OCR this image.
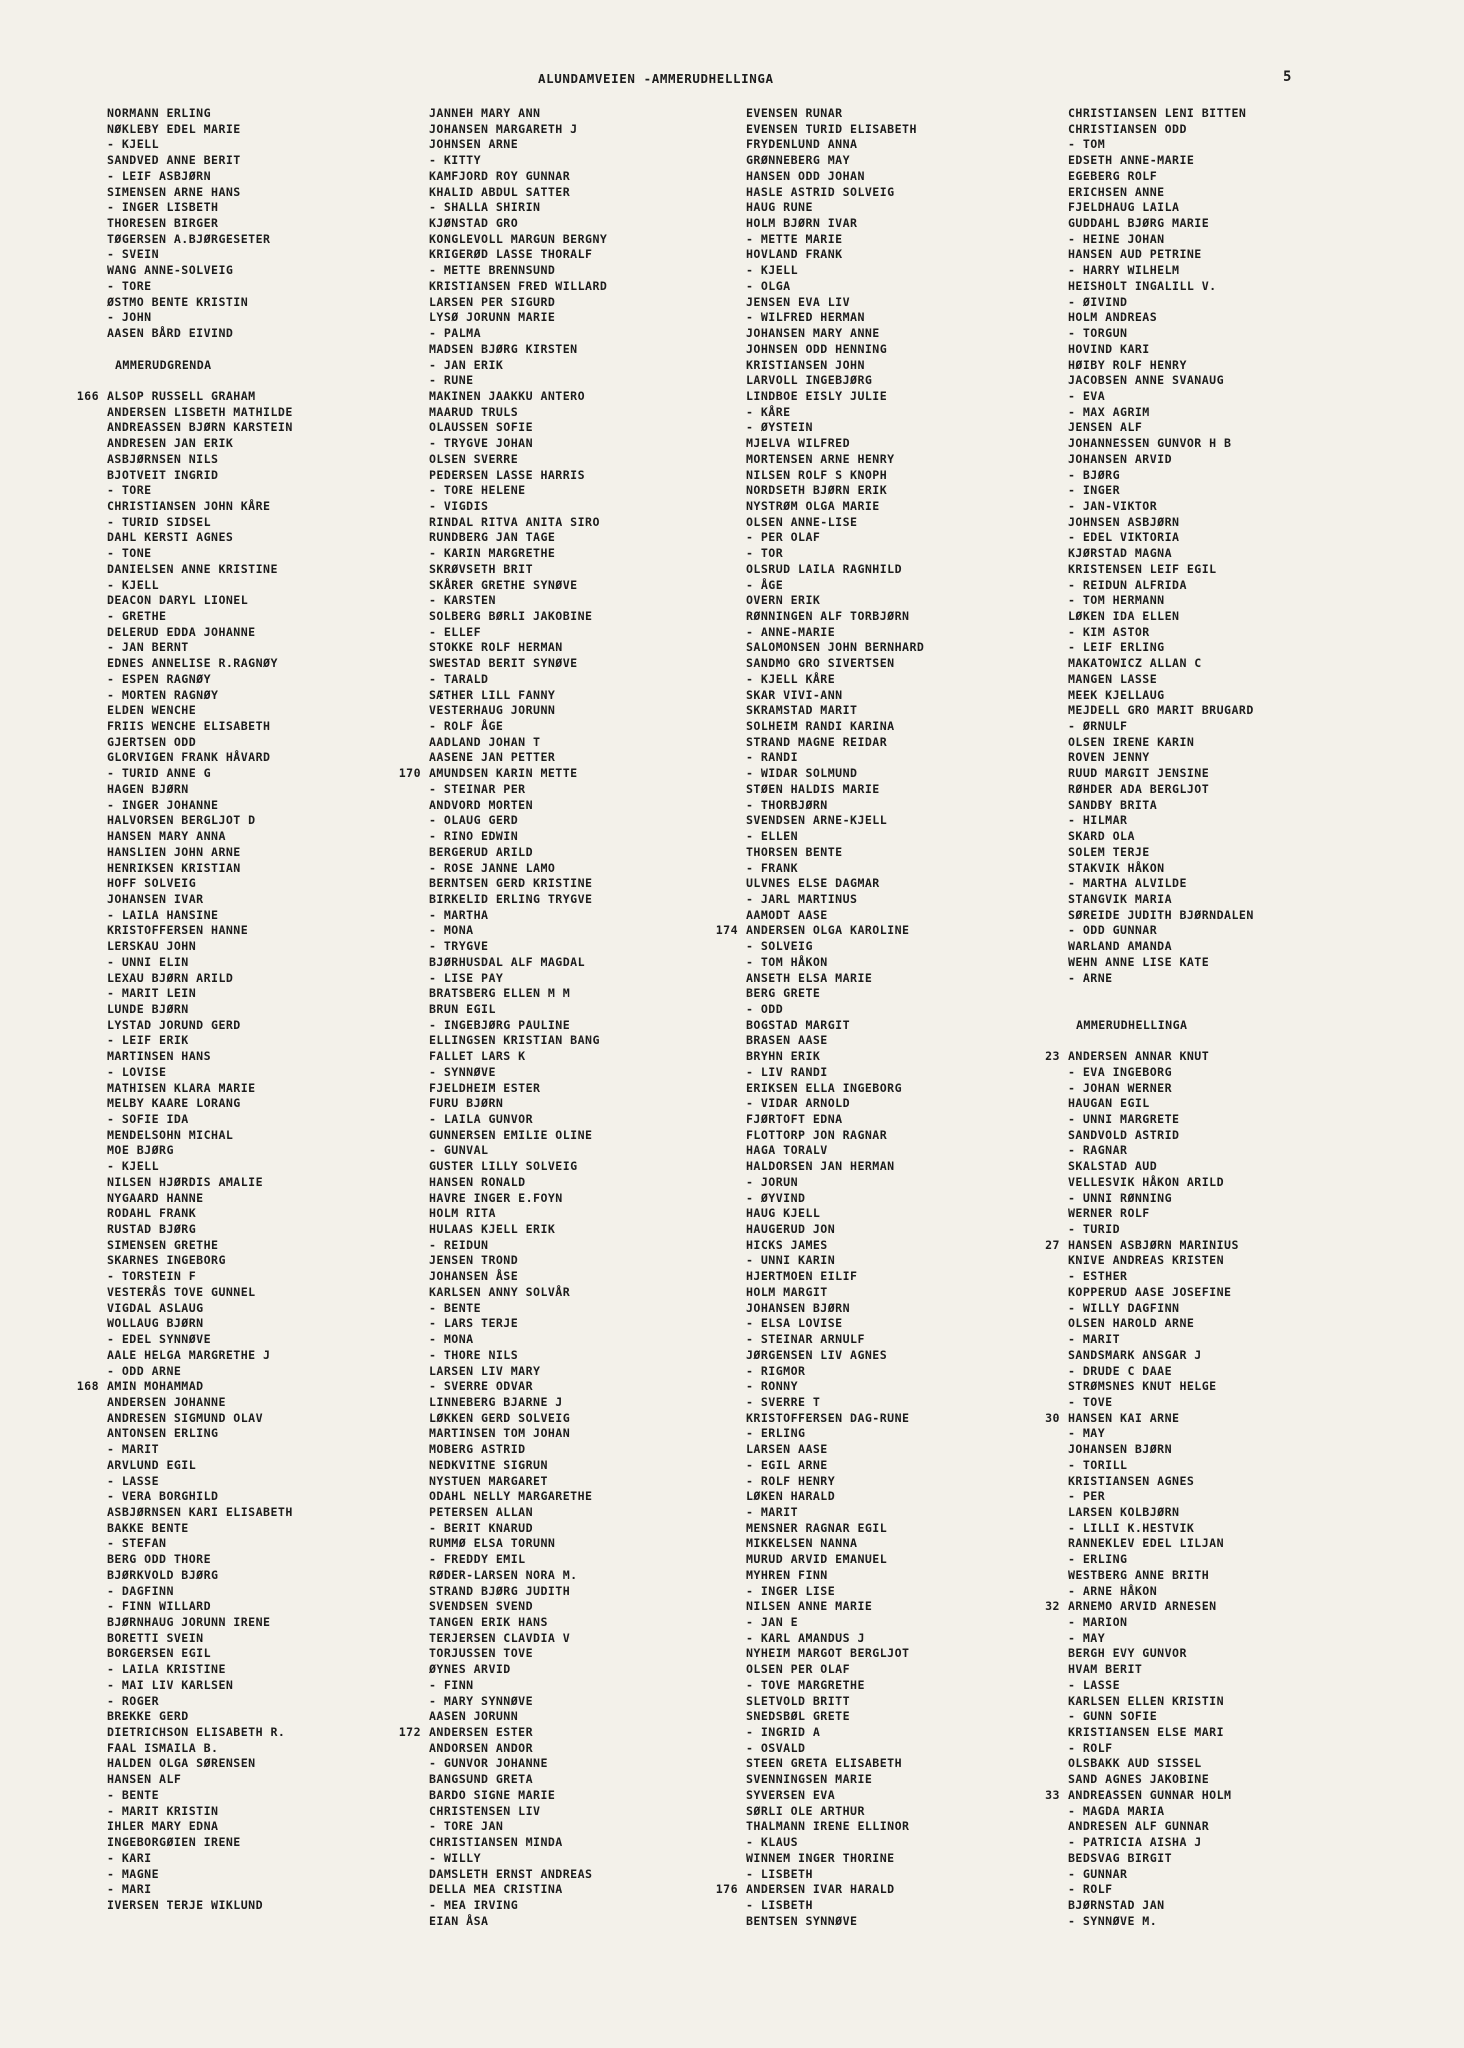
ALUNDAMVEIEN -AMMERUDHELLINGA	5
NORMANN ERLING
NØKLEBY EDEL MARIE
- KJELL
SANDVED ANNE BERIT
- LEIF ASBJØRN
SIMENSEN ARNE HANS
- INGER LISBETH
THORESEN BIRGER
TØGERSEN A.BJØRGESETER
- SVEIN
WANG ANNE-SOLVEIG
- TORE
ØSTMO BENTE KRISTIN
- JOHN
AASEN BÅRD EIVIND
AMMERUDGRENDA
166 ALSOP RUSSELL GRAHAM
ANDERSEN LISBETH MATHILDE
ANDREASSEN BJØRN KARSTEIN
ANDRESEN JAN ERIK
ASBJØRNSEN NILS
BJOTVEIT INGRID
- TORE
CHRISTIANSEN JOHN KÅRE
- TURID SIDSEL
DAHL KERSTI AGNES
- TONE
DANIELSEN ANNE KRISTINE
- KJELL
DEACON DARYL LIONEL
- GRETHE
DELERUD EDDA JOHANNE
- JAN BERNT
EDNES ANNELISE R.RAGNØY
- ESPEN RAGNØY
- MORTEN RAGNØY
ELDEN WENCHE
FRIIS WENCHE ELISABETH
GJERTSEN ODD
GLORVIGEN FRANK HÅVARD
- TURID ANNE G
HAGEN BJØRN
- INGER JOHANNE
HALVORSEN BERGLJOT D
HANSEN MARY ANNA
HANSLIEN JOHN ARNE
HENRIKSEN KRISTIAN
HOFF SOLVEIG
JOHANSEN IVAR
- LAILA HANSINE
KRISTOFFERSEN HANNE
LERSKAU JOHN
- UNNI ELIN
LEXAU BJØRN ARILD
- MARIT LEIN
LUNDE BJØRN
LYSTAD JORUND GERD
- LEIF ERIK
MARTINSEN HANS
- LOVISE
MATHISEN KLARA MARIE
MELBY KAARE LORANG
- SOFIE IDA
MENDELSOHN MICHAL
MOE BJØRG
- KJELL
NILSEN HJØRDIS AMALIE
NYGAARD HANNE
RODAHL FRANK
RUSTAD BJØRG
SIMENSEN GRETHE
SKARNES INGEBORG
- TORSTEIN F
VESTERÅS TOVE GUNNEL
VIGDAL ASLAUG
WOLLAUG BJØRN
- EDEL SYNNØVE
AALE HELGA MARGRETHE J
- ODD ARNE
168 AMIN MOHAMMAD
ANDERSEN JOHANNE
ANDRESEN SIGMUND OLAV
ANTONSEN ERLING
- MARIT
ARVLUND EGIL
- LASSE
- VERA BORGHILD
ASBJØRNSEN KARI ELISABETH
BAKKE BENTE
- STEFAN
BERG ODD THORE
BJØRKVOLD BJØRG
- DAGFINN
- FINN WILLARD
BJØRNHAUG JORUNN IRENE
BORETTI SVEIN
BORGERSEN EGIL
- LAILA KRISTINE
- MAI LIV KARLSEN
- ROGER
BREKKE GERD
DIETRICHSON ELISABETH R.
FAAL ISMAILA B.
HALDEN OLGA SØRENSEN
HANSEN ALF
- BENTE
- MARIT KRISTIN
IHLER MARY EDNA
INGEBORGØIEN IRENE
- KARI
- MAGNE
- MARI
IVERSEN TERJE WIKLUND
JANNEH MARY ANN
JOHANSEN MARGARETH J
JOHNSEN ARNE
- KITTY
KAMFJORD ROY GUNNAR
KHALID ABDUL SATTER
- SHALLA SHIRIN
KJØNSTAD GRO
KONGLEVOLL MARGUN BERGNY
KRIGERØD LASSE THORALF
- METTE BRENNSUND
KRISTIANSEN FRED WILLARD
LARSEN PER SIGURD
LYSØ JORUNN MARIE
- PALMA
MADSEN BJØRG KIRSTEN
- JAN ERIK
- RUNE
MAKINEN JAAKKU ANTERO
MAARUD TRULS
OLAUSSEN SOFIE
- TRYGVE JOHAN
OLSEN SVERRE
PEDERSEN LASSE HARRIS
- TORE HELENE
- VIGDIS
RINDAL RITVA ANITA SIRO
RUNDBERG JAN TAGE
- KARIN MARGRETHE
SKRØVSETH BRIT
SKÅRER GRETHE SYNØVE
- KARSTEN
SOLBERG BØRLI JAKOBINE
- ELLEF
STOKKE ROLF HERMAN
SWESTAD BERIT SYNØVE
- TARALD
SÆTHER LILL FANNY
VESTERHAUG JORUNN
- ROLF ÅGE
AADLAND JOHAN T
AASENE JAN PETTER
170 AMUNDSEN KARIN METTE
- STEINAR PER
ANDVORD MORTEN
- OLAUG GERD
- RINO EDWIN
BERGERUD ARILD
- ROSE JANNE LAMO
BERNTSEN GERD KRISTINE
BIRKELID ERLING TRYGVE
- MARTHA
- MONA
- TRYGVE
BJØRHUSDAL ALF MAGDAL
- LISE PAY
BRATSBERG ELLEN M M
BRUN EGIL
- INGEBJØRG PAULINE
ELLINGSEN KRISTIAN BANG
FALLET LARS K
- SYNNØVE
FJELDHEIM ESTER
FURU BJØRN
- LAILA GUNVOR
GUNNERSEN EMILIE OLINE
- GUNVAL
GUSTER LILLY SOLVEIG
HANSEN RONALD
HAVRE INGER E.FOYN
HOLM RITA
HULAAS KJELL ERIK
- REIDUN
JENSEN TROND
JOHANSEN ÅSE
KARLSEN ANNY SOLVÅR
- BENTE
- LARS TERJE
- MONA
- THORE NILS
LARSEN LIV MARY
- SVERRE ODVAR
LINNEBERG BJARNE J
LØKKEN GERD SOLVEIG
MARTINSEN TOM JOHAN
MOBERG ASTRID
NEDKVITNE SIGRUN
NYSTUEN MARGARET
ODAHL NELLY MARGARETHE
PETERSEN ALLAN
- BERIT KNARUD
RUMMØ ELSA TORUNN
- FREDDY EMIL
RØDER-LARSEN NORA M.
STRAND BJØRG JUDITH
SVENDSEN SVEND
TANGEN ERIK HANS
TERJERSEN CLAVDIA V
TORJUSSEN TOVE
ØYNES ARVID
- FINN
- MARY SYNNØVE
AASEN JORUNN
172 ANDERSEN ESTER
ANDORSEN ANDOR
- GUNVOR JOHANNE
BANGSUND GRETA
BARDO SIGNE MARIE
CHRISTENSEN LIV
- TORE JAN
CHRISTIANSEN MINDA
- WILLY
DAMSLETH ERNST ANDREAS
DELLA MEA CRISTINA
- MEA IRVING
EIAN ÅSA
EVENSEN RUNAR
EVENSEN TURID ELISABETH
FRYDENLUND ANNA
GRØNNEBERG MAY
HANSEN ODD JOHAN
HASLE ASTRID SOLVEIG
HAUG RUNE
HOLM BJØRN IVAR
- METTE MARIE
HOVLAND FRANK
- KJELL
- OLGA
JENSEN EVA LIV
- WILFRED HERMAN
JOHANSEN MARY ANNE
JOHNSEN ODD HENNING
KRISTIANSEN JOHN
LARVOLL INGEBJØRG
LINDBOE EISLY JULIE
- KÅRE
- ØYSTEIN
MJELVA WILFRED
MORTENSEN ARNE HENRY
NILSEN ROLF S KNOPH
NORDSETH BJØRN ERIK
NYSTRØM OLGA MARIE
OLSEN ANNE-LISE
- PER OLAF
- TOR
OLSRUD LAILA RAGNHILD
- ÅGE
OVERN ERIK
RØNNINGEN ALF TORBJØRN
- ANNE-MARIE
SALOMONSEN JOHN BERNHARD
SANDMO GRO SIVERTSEN
- KJELL KÅRE
SKAR VIVI-ANN
SKRAMSTAD MARIT
SOLHEIM RANDI KARINA
STRAND MAGNE REIDAR
- RANDI
- WIDAR SOLMUND
STØEN HALDIS MARIE
- THORBJØRN
SVENDSEN ARNE-KJELL
- ELLEN
THORSEN BENTE
- FRANK
ULVNES ELSE DAGMAR
- JARL MARTINUS
AAMODT AASE
174 ANDERSEN OLGA KAROLINE
- SOLVEIG
- TOM HÅKON
ANSETH ELSA MARIE
BERG GRETE
- ODD
BOGSTAD MARGIT
BRASEN AASE
BRYHN ERIK
- LIV RANDI
ERIKSEN ELLA INGEBORG
- VIDAR ARNOLD
FJØRTOFT EDNA
FLOTTORP JON RAGNAR
HAGA TORALV
HALDORSEN JAN HERMAN
- JORUN
- ØYVIND
HAUG KJELL
HAUGERUD JON
HICKS JAMES
- UNNI KARIN
HJERTMOEN EILIF
HOLM MARGIT
JOHANSEN BJØRN
- ELSA LOVISE
- STEINAR ARNULF
JØRGENSEN LIV AGNES
- RIGMOR
- RONNY
- SVERRE T
KRISTOFFERSEN DAG-RUNE
- ERLING
LARSEN AASE
- EGIL ARNE
- ROLF HENRY
LØKEN HARALD
- MARIT
MENSNER RAGNAR EGIL
MIKKELSEN NANNA
MURUD ARVID EMANUEL
MYHREN FINN
- INGER LISE
NILSEN ANNE MARIE
- JAN E
- KARL AMANDUS J
NYHEIM MARGOT BERGLJOT
OLSEN PER OLAF
- TOVE MARGRETHE
SLETVOLD BRITT
SNEDSBØL GRETE
- INGRID A
- OSVALD
STEEN GRETA ELISABETH
SVENNINGSEN MARIE
SYVERSEN EVA
SØRLI OLE ARTHUR
THALMANN IRENE ELLINOR
- KLAUS
WINNEM INGER THORINE
- LISBETH
176 ANDERSEN IVAR HARALD
- LISBETH
BENTSEN SYNNØVE
CHRISTIANSEN LENI BITTEN
CHRISTIANSEN ODD
- TOM
EDSETH ANNE-MARIE
EGEBERG ROLF
ERICHSEN ANNE
FJELDHAUG LAILA
GUDDAHL BJØRG MARIE
- HEINE JOHAN
HANSEN AUD PETRINE
- HARRY WILHELM
HEISHOLT INGALILL V.
- ØIVIND
HOLM ANDREAS
- TORGUN
HOVIND KARI
HØIBY ROLF HENRY
JACOBSEN ANNE SVANAUG
- EVA
- MAX AGRIM
JENSEN ALF
JOHANNESSEN GUNVOR H B
JOHANSEN ARVID
- BJØRG
- INGER
- JAN-VIKTOR
JOHNSEN ASBJØRN
- EDEL VIKTORIA
KJØRSTAD MAGNA
KRISTENSEN LEIF EGIL
- REIDUN ALFRIDA
- TOM HERMANN
LØKEN IDA ELLEN
- KIM ASTOR
- LEIF ERLING
MAKATOWICZ ALLAN C
MANGEN LASSE
MEEK KJELLAUG
MEJDELL GRO MARIT BRUGARD
- ØRNULF
OLSEN IRENE KARIN
ROVEN JENNY
RUUD MARGIT JENSINE
RØHDER ADA BERGLJOT
SANDBY BRITA
- HILMAR
SKARD OLA
SOLEM TERJE
STAKVIK HÅKON
- MARTHA ALVILDE
STANGVIK MARIA
SØREIDE JUDITH BJØRNDALEN
- ODD GUNNAR
WARLAND AMANDA
WEHN ANNE LISE KATE
- ARNE
AMMERUDHELLINGA
23 ANDERSEN ANNAR KNUT
- EVA INGEBORG
- JOHAN WERNER
HAUGAN EGIL
- UNNI MARGRETE
SANDVOLD ASTRID
- RAGNAR
SKALSTAD AUD
VELLESVIK HÅKON ARILD
- UNNI RØNNING
WERNER ROLF
- TURID
27 HANSEN ASBJØRN MARINIUS
KNIVE ANDREAS KRISTEN
- ESTHER
KOPPERUD AASE JOSEFINE
- WILLY DAGFINN
OLSEN HAROLD ARNE
- MARIT
SANDSMARK ANSGAR J
- DRUDE C DAAE
STRØMSNES KNUT HELGE
- TOVE
30 HANSEN KAI ARNE
- MAY
JOHANSEN BJØRN
- TORILL
KRISTIANSEN AGNES
- PER
LARSEN KOLBJØRN
- LILLI K.HESTVIK
RANNEKLEV EDEL LILJAN
- ERLING
WESTBERG ANNE BRITH
- ARNE HÅKON
32 ARNEMO ARVID ARNESEN
- MARION
- MAY
BERGH EVY GUNVOR
HVAM BERIT
- LASSE
KARLSEN ELLEN KRISTIN
- GUNN SOFIE
KRISTIANSEN ELSE MARI
- ROLF
OLSBAKK AUD SISSEL
SAND AGNES JAKOBINE
33 ANDREASSEN GUNNAR HOLM
- MAGDA MARIA
ANDRESEN ALF GUNNAR
- PATRICIA AISHA J
BEDSVAG BIRGIT
- GUNNAR
- ROLF
BJØRNSTAD JAN
- SYNNØVE M.
